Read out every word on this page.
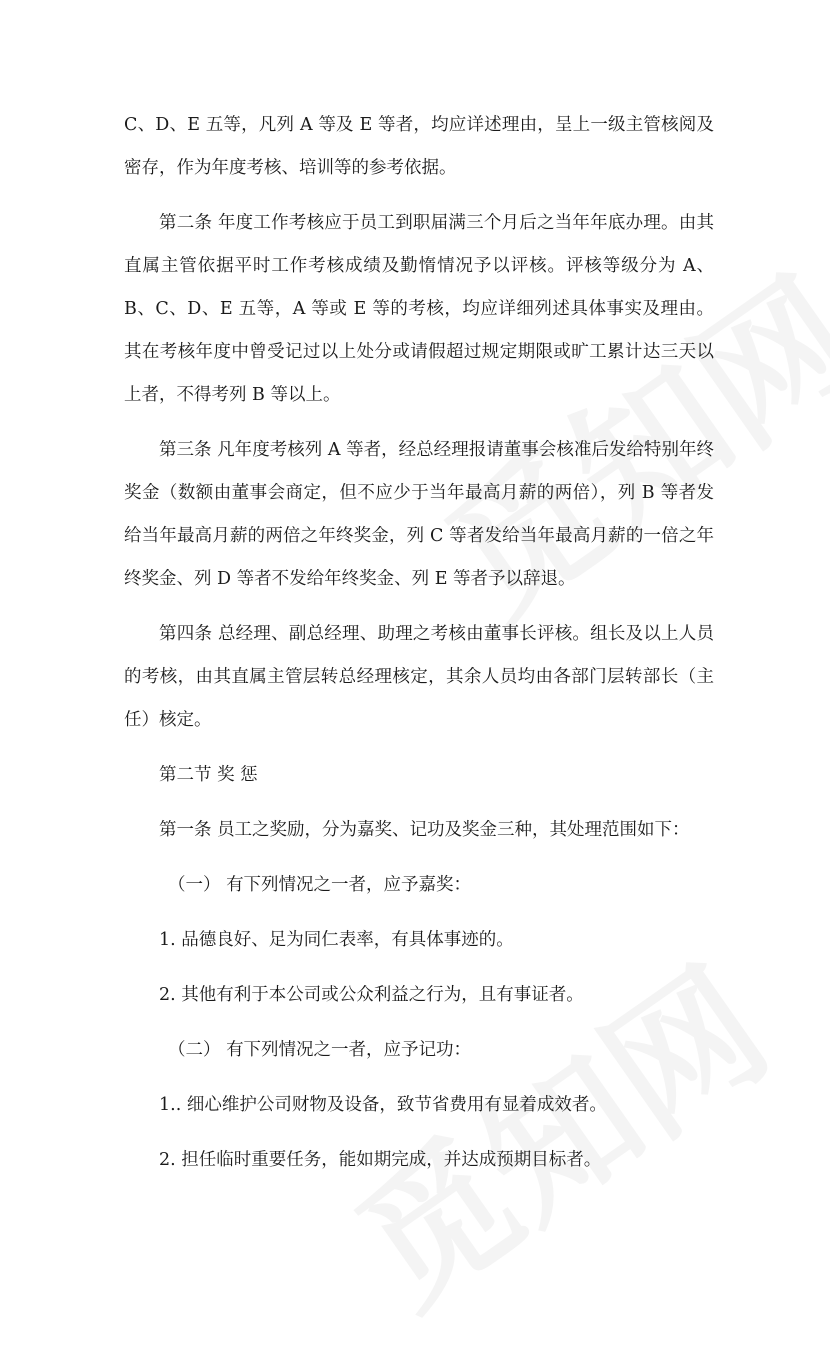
C、D、E 五等，凡列 A 等及 E 等者，均应详述理由，呈上一级主管核阅及密存，作为年度考核、培训等的参考依据。

第二条 年度工作考核应于员工到职届满三个月后之当年年底办理。由其直属主管依据平时工作考核成绩及勤惰情况予以评核。评核等级分为 A、B、C、D、E 五等，A 等或 E 等的考核，均应详细列述具体事实及理由。其在考核年度中曾受记过以上处分或请假超过规定期限或旷工累计达三天以上者，不得考列 B 等以上。

第三条 凡年度考核列 A 等者，经总经理报请董事会核准后发给特别年终奖金（数额由董事会商定，但不应少于当年最高月薪的两倍），列 B 等者发给当年最高月薪的两倍之年终奖金，列 C 等者发给当年最高月薪的一倍之年终奖金、列 D 等者不发给年终奖金、列 E 等者予以辞退。

第四条 总经理、副总经理、助理之考核由董事长评核。组长及以上人员的考核，由其直属主管层转总经理核定，其余人员均由各部门层转部长（主任）核定。

第二节 奖 惩

第一条 员工之奖励，分为嘉奖、记功及奖金三种，其处理范围如下：

（一） 有下列情况之一者，应予嘉奖：

1. 品德良好、足为同仁表率，有具体事迹的。

2. 其他有利于本公司或公众利益之行为，且有事证者。

（二） 有下列情况之一者，应予记功：

1.. 细心维护公司财物及设备，致节省费用有显着成效者。

2. 担任临时重要任务，能如期完成，并达成预期目标者。
